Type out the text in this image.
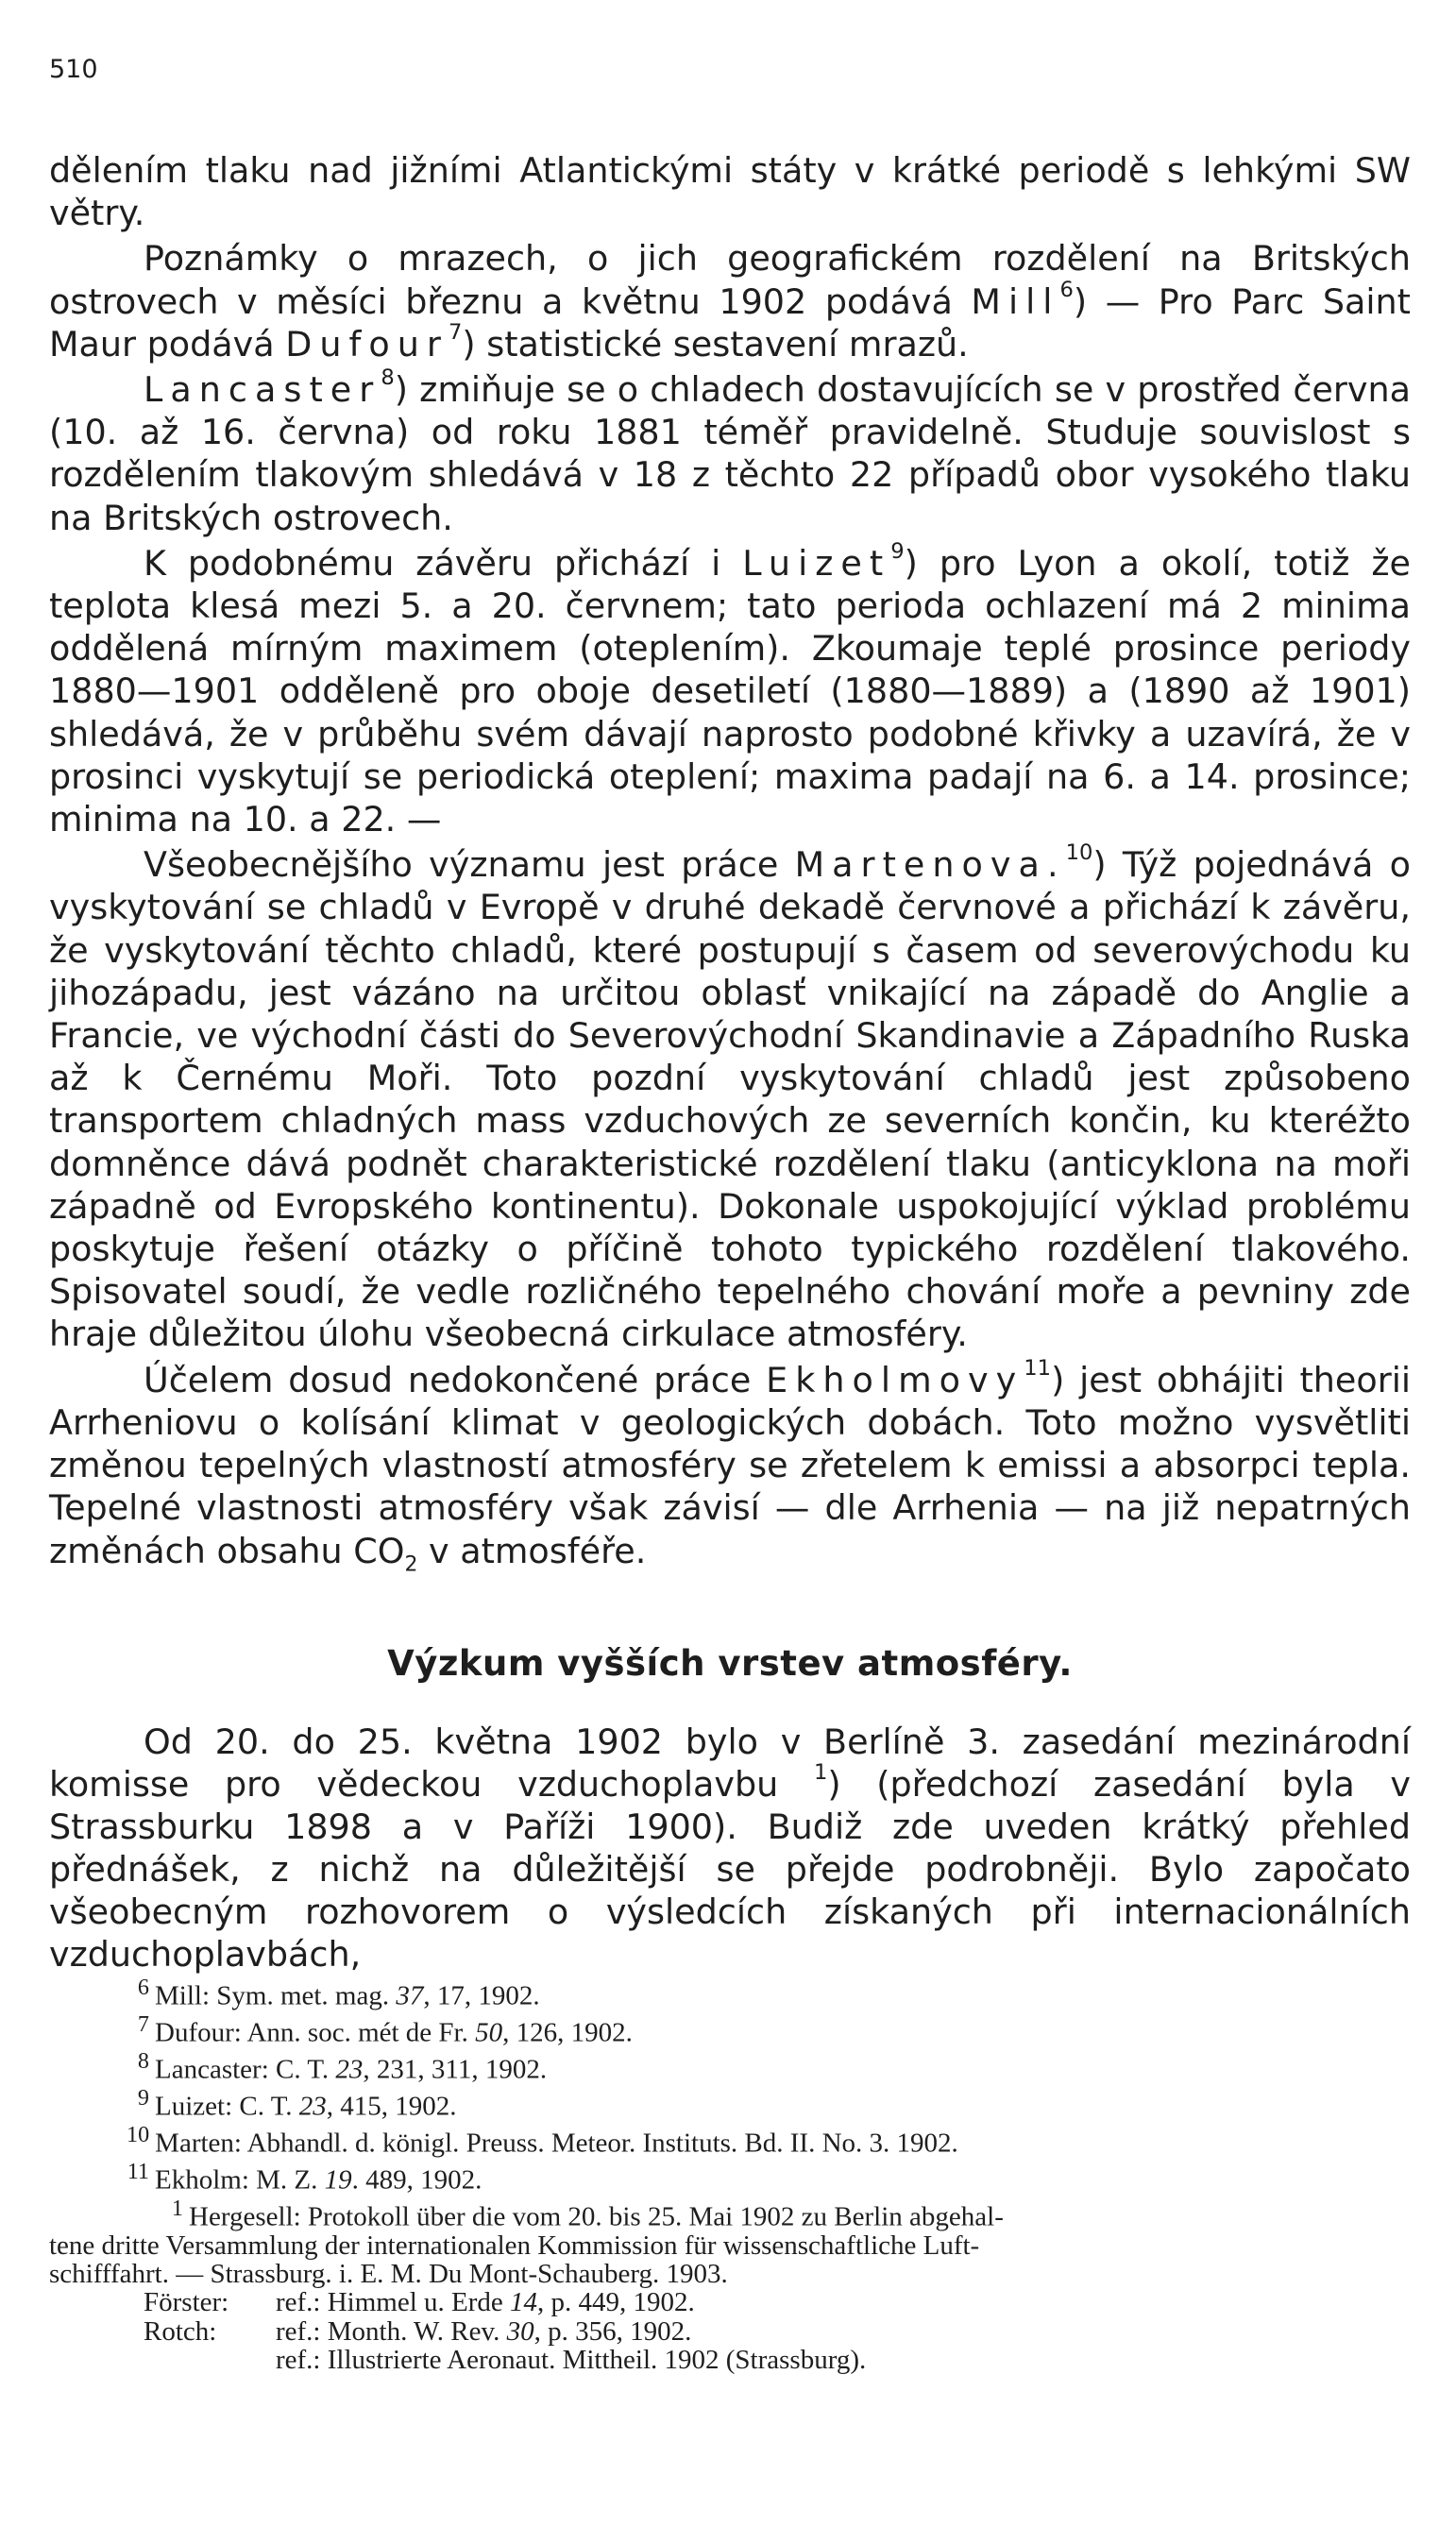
510

dělením tlaku nad jižními Atlantickými státy v krátké periodě s lehkými SW větry.

Poznámky o mrazech, o jich geografickém rozdělení na Britských ostrovech v měsíci březnu a květnu 1902 podává Mill$^6$) — Pro Parc Saint Maur podává Dufour$^7$) statistické sestavení mrazů.

Lancaster$^8$) zmiňuje se o chladech dostavujících se v prostřed června (10. až 16. června) od roku 1881 téměř pravidelně. Studuje souvislost s rozdělením tlakovým shledává v 18 z těchto 22 případů obor vysokého tlaku na Britských ostrovech.

K podobnému závěru přichází i Luizet$^9$) pro Lyon a okolí, totiž že teplota klesá mezi 5. a 20. červnem; tato perioda ochlazení má 2 minima oddělená mírným maximem (oteplením). Zkoumaje teplé prosince periody 1880—1901 odděleně pro oboje desetiletí (1880—1889) a (1890 až 1901) shledává, že v průběhu svém dávají naprosto podobné křivky a uzavírá, že v prosinci vyskytují se periodická oteplení; maxima padají na 6. a 14. prosince; minima na 10. a 22. —

Všeobecnějšího významu jest práce Martenova.$^{10}$) Týž pojednává o vyskytování se chladů v Evropě v druhé dekadě červnové a přichází k závěru, že vyskytování těchto chladů, které postupují s časem od severovýchodu ku jihozápadu, jest vázáno na určitou oblasť vnikající na západě do Anglie a Francie, ve východní části do Severovýchodní Skandinavie a Západního Ruska až k Černému Moři. Toto pozdní vyskytování chladů jest způsobeno transportem chladných mass vzduchových ze severních končin, ku kteréžto domněnce dává podnět charakteristické rozdělení tlaku (anticyklona na moři západně od Evropského kontinentu). Dokonale uspokojující výklad problému poskytuje řešení otázky o příčině tohoto typického rozdělení tlakového. Spisovatel soudí, že vedle rozličného tepelného chování moře a pevniny zde hraje důležitou úlohu všeobecná cirkulace atmosféry.

Účelem dosud nedokončené práce Ekholmovy$^{11}$) jest obhájiti theorii Arrheniovu o kolísání klimat v geologických dobách. Toto možno vysvětliti změnou tepelných vlastností atmosféry se zřetelem k emissi a absorpci tepla. Tepelné vlastnosti atmosféry však závisí — dle Arrhenia — na již nepatrných změnách obsahu $CO_2$ v atmosféře.

Výzkum vyšších vrstev atmosféry.

Od 20. do 25. května 1902 bylo v Berlíně 3. zasedání mezinárodní komisse pro vědeckou vzduchoplavbu $^1$) (předchozí zasedání byla v Strassburku 1898 a v Paříži 1900). Budiž zde uveden krátký přehled přednášek, z nichž na důležitější se přejde podrobněji. Bylo započato všeobecným rozhovorem o výsledcích získaných při internacionálních vzduchoplavbách,

$^6$ Mill: Sym. met. mag. 37, 17, 1902.
$^7$ Dufour: Ann. soc. mét de Fr. 50, 126, 1902.
$^8$ Lancaster: C. T. 23, 231, 311, 1902.
$^9$ Luizet: C. T. 23, 415, 1902.
$^{10}$ Marten: Abhandl. d. königl. Preuss. Meteor. Instituts. Bd. II. No. 3. 1902.
$^{11}$ Ekholm: M. Z. 19. 489, 1902.
$^1$ Hergesell: Protokoll über die vom 20. bis 25. Mai 1902 zu Berlin abgehal-
tene dritte Versammlung der internationalen Kommission für wissenschaftliche Luft-
schifffahrt. — Strassburg. i. E. M. Du Mont-Schauberg. 1903.
Förster: ref.: Himmel u. Erde 14, p. 449, 1902.
Rotch: ref.: Month. W. Rev. 30, p. 356, 1902.
ref.: Illustrierte Aeronaut. Mittheil. 1902 (Strassburg).
